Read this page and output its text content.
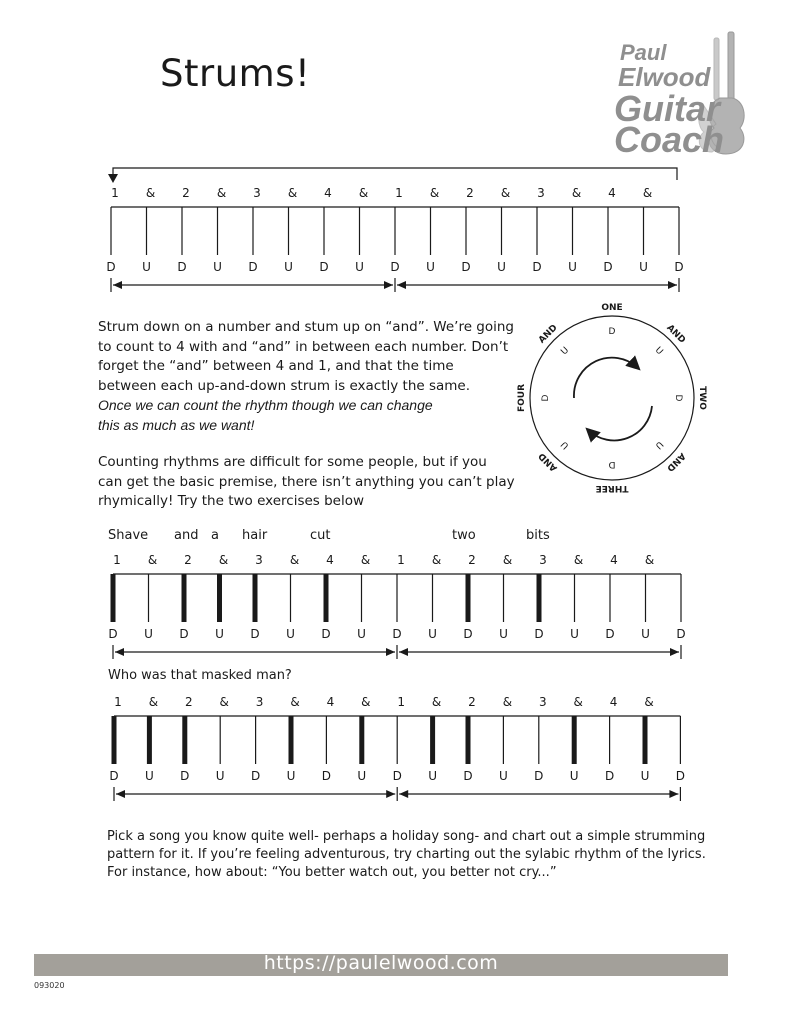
Strums!	Paul
Elwood
Guitar
Coach
1 & 2 & 3 & 4 & 1 & 2 & 3 & 4 &
D U D U D U D U D U D U D U D U D

Strum down on a number and stum up on “and”. We’re going

to count to 4 with and “and” in between each number. Don’t

forget the “and” between 4 and 1, and that the time

between each up-and-down strum is exactly the same.

Once we can count the rhythm though we can change

this as much as we want!

Counting rhythms are difficult for some people, but if you

can get the basic premise, there isn’t anything you can’t play

rhymically! Try the two exercises below

ONE
D	AND
U
TWO
D
AND
U
THREE
D
AND
U
FOUR D
AND
U
Shave and a hair	cut	two	bits
1 & 2 & 3 & 4 & 1 & 2 & 3 & 4 &
D U D U D U D U D U D U D U D U D
Who was that masked man?
1 & 2 & 3 & 4 & 1 & 2 & 3 & 4 &
D U D U D U D U D U D U D U D U D

Pick a song you know quite well- perhaps a holiday song- and chart out a simple strumming

pattern for it. If you’re feeling adventurous, try charting out the sylabic rhythm of the lyrics.

For instance, how about: “You better watch out, you better not cry...”

https://paulelwood.com
093020
